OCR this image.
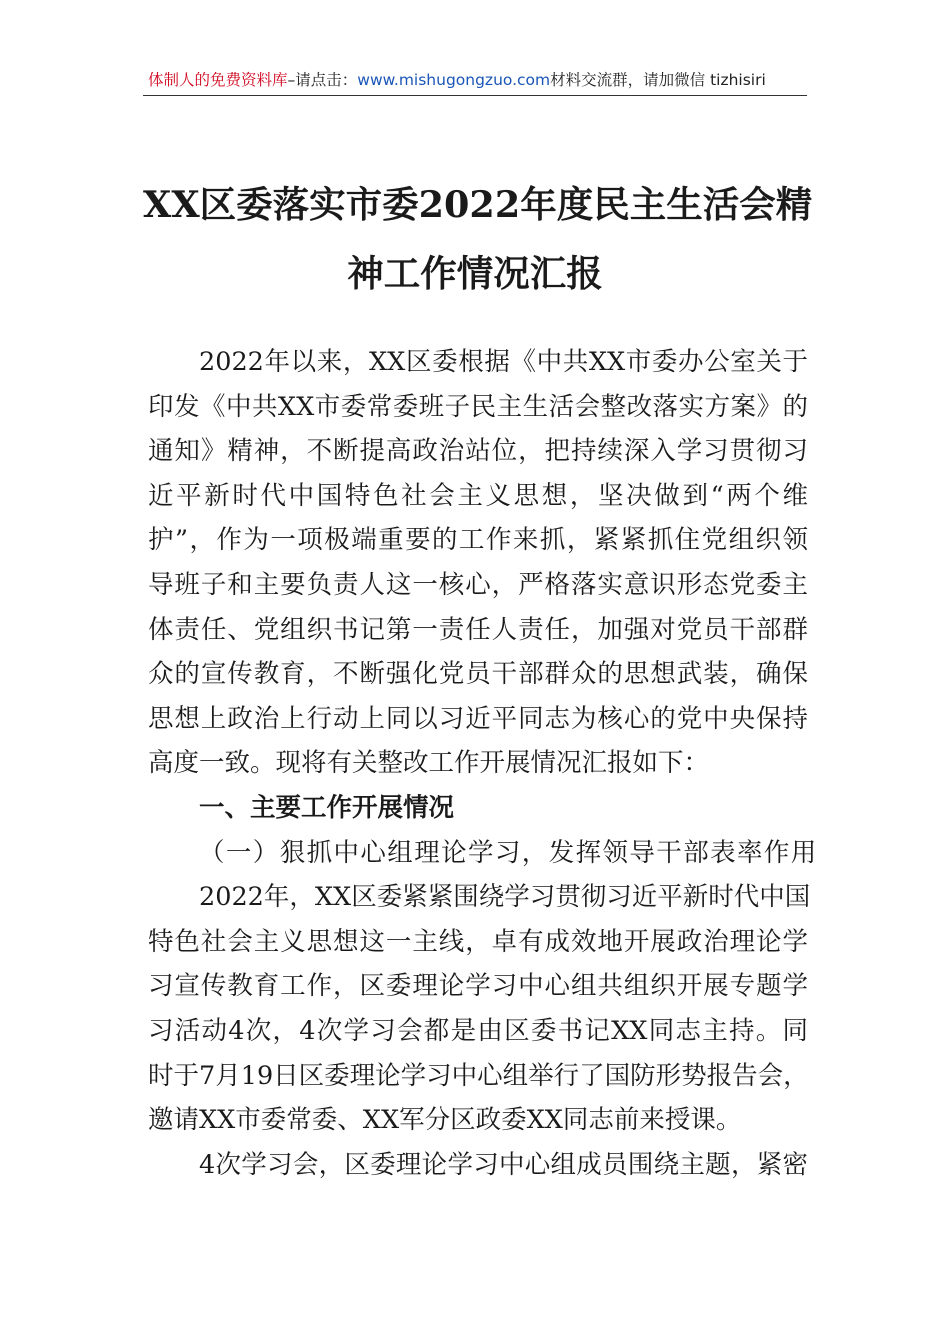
体制人的免费资料库–请点击：www.mishugongzuo.com材料交流群，请加微信 tizhisiri
XX区委落实市委2022年度民主生活会精
神工作情况汇报
2022年以来，XX区委根据《中共XX市委办公室关于
印发《中共XX市委常委班子民主生活会整改落实方案》的
通知》精神，不断提高政治站位，把持续深入学习贯彻习
近平新时代中国特色社会主义思想，坚决做到“两个维
护”，作为一项极端重要的工作来抓，紧紧抓住党组织领
导班子和主要负责人这一核心，严格落实意识形态党委主
体责任、党组织书记第一责任人责任，加强对党员干部群
众的宣传教育，不断强化党员干部群众的思想武装，确保
思想上政治上行动上同以习近平同志为核心的党中央保持
高度一致。现将有关整改工作开展情况汇报如下：
一、主要工作开展情况
（一）狠抓中心组理论学习，发挥领导干部表率作用
2022年，XX区委紧紧围绕学习贯彻习近平新时代中国
特色社会主义思想这一主线，卓有成效地开展政治理论学
习宣传教育工作，区委理论学习中心组共组织开展专题学
习活动4次，4次学习会都是由区委书记XX同志主持。同
时于7月19日区委理论学习中心组举行了国防形势报告会，
邀请XX市委常委、XX军分区政委XX同志前来授课。
4次学习会，区委理论学习中心组成员围绕主题，紧密
